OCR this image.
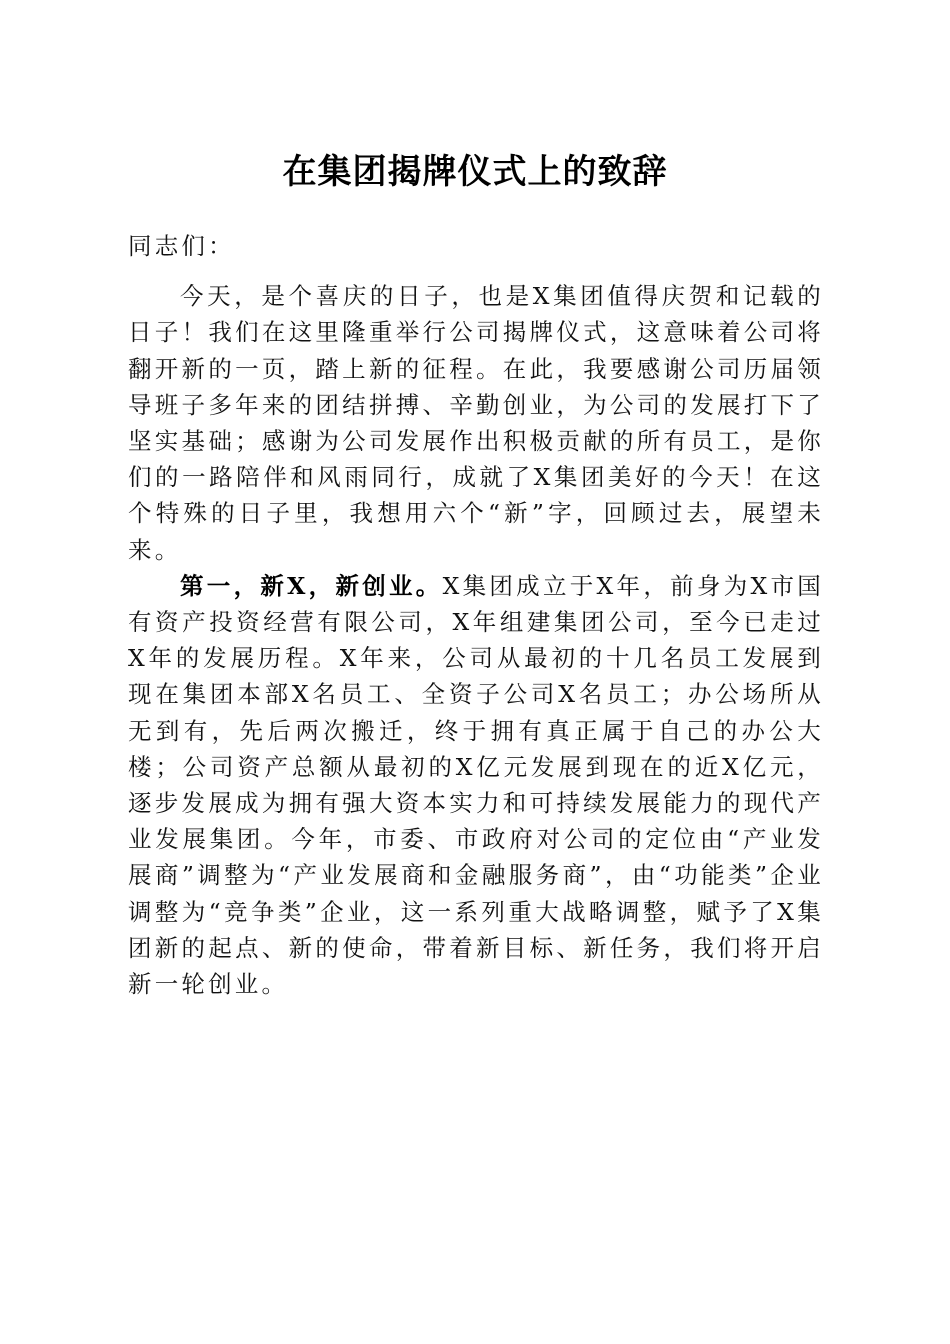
在集团揭牌仪式上的致辞

同志们：

今天，是个喜庆的日子，也是X集团值得庆贺和记载的日子！我们在这里隆重举行公司揭牌仪式，这意味着公司将翻开新的一页，踏上新的征程。在此，我要感谢公司历届领导班子多年来的团结拼搏、辛勤创业，为公司的发展打下了坚实基础；感谢为公司发展作出积极贡献的所有员工，是你们的一路陪伴和风雨同行，成就了X集团美好的今天！在这个特殊的日子里，我想用六个“新”字，回顾过去，展望未来。

第一，新X，新创业。X集团成立于X年，前身为X市国有资产投资经营有限公司，X年组建集团公司，至今已走过X年的发展历程。X年来，公司从最初的十几名员工发展到现在集团本部X名员工、全资子公司X名员工；办公场所从无到有，先后两次搬迁，终于拥有真正属于自己的办公大楼；公司资产总额从最初的X亿元发展到现在的近X亿元，逐步发展成为拥有强大资本实力和可持续发展能力的现代产业发展集团。今年，市委、市政府对公司的定位由“产业发展商”调整为“产业发展商和金融服务商”，由“功能类”企业调整为“竞争类”企业，这一系列重大战略调整，赋予了X集团新的起点、新的使命，带着新目标、新任务，我们将开启新一轮创业。
